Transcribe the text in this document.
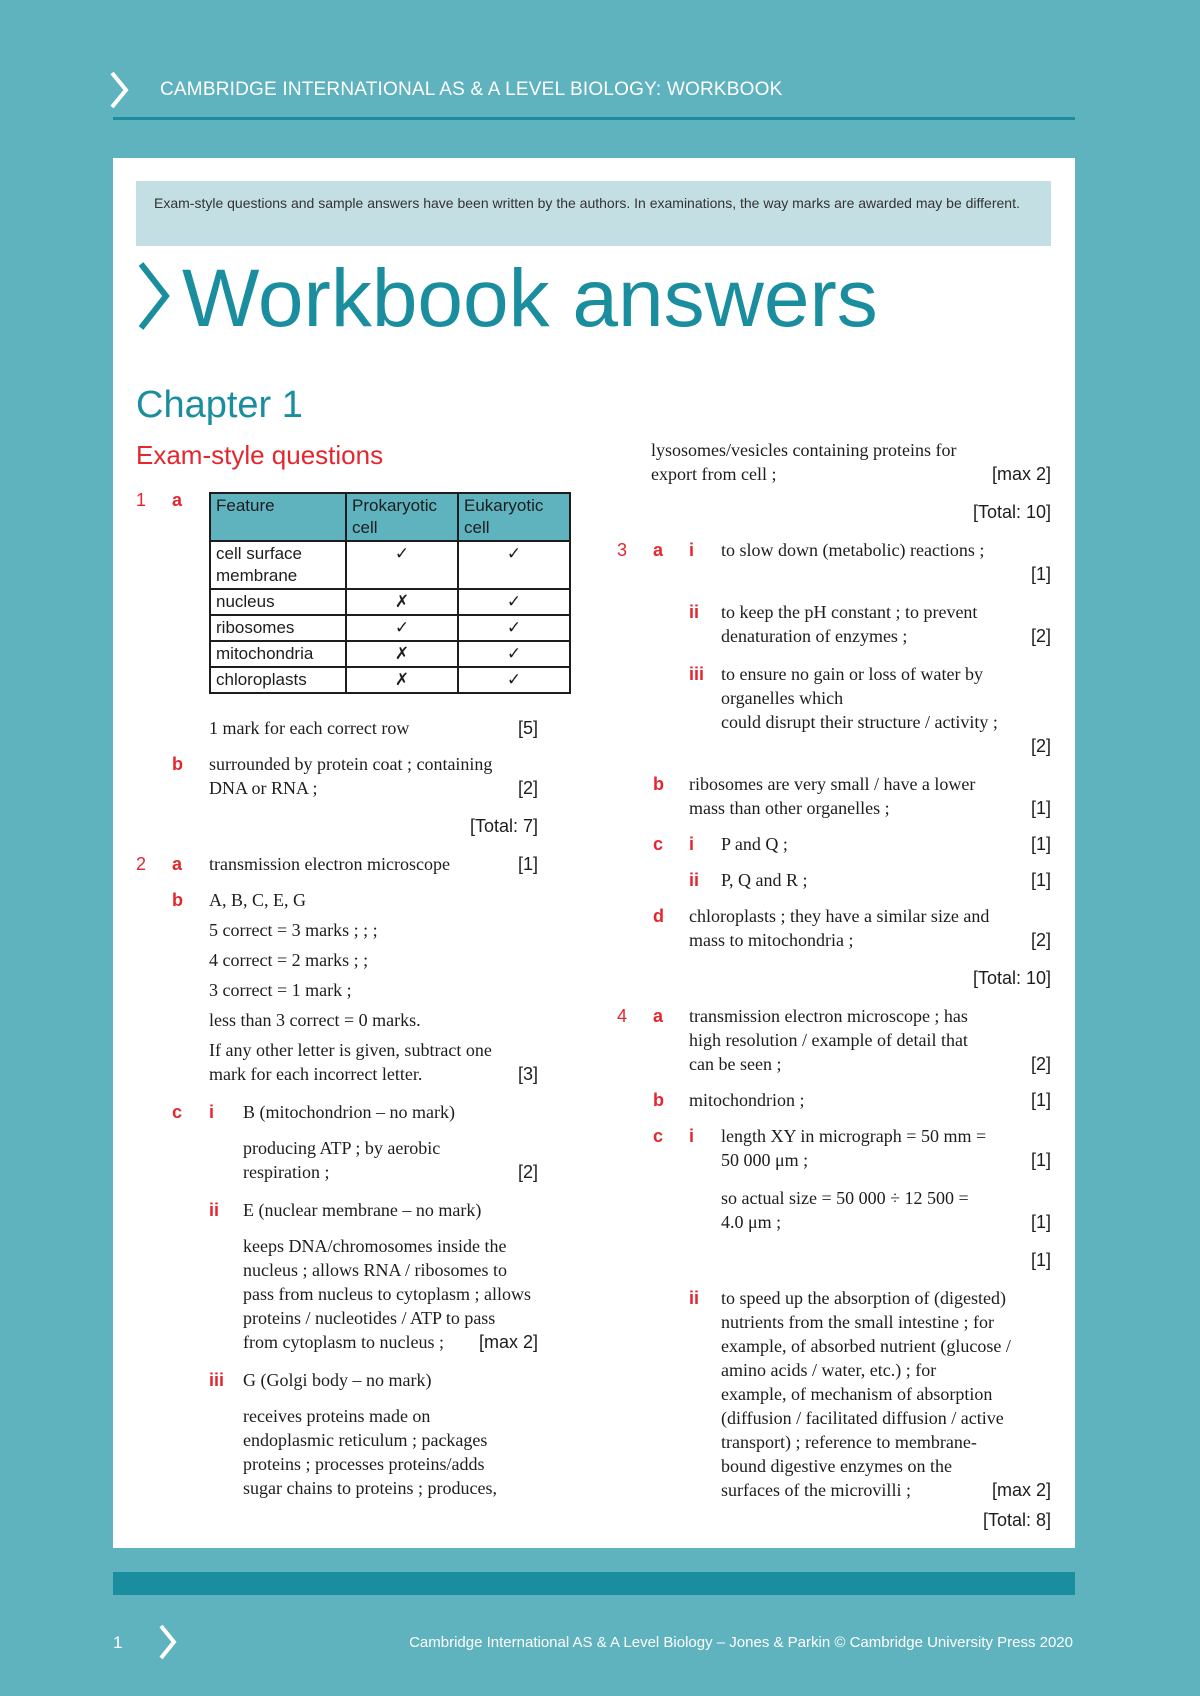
CAMBRIDGE INTERNATIONAL AS & A LEVEL BIOLOGY: WORKBOOK
Exam-style questions and sample answers have been written by the authors. In examinations, the way marks are awarded may be different.
Workbook answers
Chapter 1
Exam-style questions
1 a Feature	Prokaryotic cell	Eukaryotic cell
cell surface membrane	✓	✓
nucleus	✗	✓
ribosomes	✓	✓
mitochondria	✗	✓
chloroplasts	✗	✓
1 mark for each correct row	[5]
b surrounded by protein coat ; containing
DNA or RNA ;	[2]
[Total: 7]
2 a transmission electron microscope	[1]
b A, B, C, E, G
5 correct = 3 marks ; ; ;
4 correct = 2 marks ; ;
3 correct = 1 mark ;
less than 3 correct = 0 marks.
If any other letter is given, subtract one
mark for each incorrect letter.	[3]
c i B (mitochondrion – no mark)
producing ATP ; by aerobic
respiration ;	[2]
ii E (nuclear membrane – no mark)
keeps DNA/chromosomes inside the
nucleus ; allows RNA / ribosomes to
pass from nucleus to cytoplasm ; allows
proteins / nucleotides / ATP to pass
from cytoplasm to nucleus ; [max 2]
iii G (Golgi body – no mark)
receives proteins made on
endoplasmic reticulum ; packages
proteins ; processes proteins/adds
sugar chains to proteins ; produces,
lysosomes/vesicles containing proteins for
export from cell ;	[max 2]
[Total: 10]
3 a i to slow down (metabolic) reactions ;
[1]
ii to keep the pH constant ; to prevent
denaturation of enzymes ;	[2]
iii to ensure no gain or loss of water by
organelles which
could disrupt their structure / activity ;
[2]
b ribosomes are very small / have a lower
mass than other organelles ;	[1]
c i P and Q ;	[1]
ii P, Q and R ;	[1]
d chloroplasts ; they have a similar size and
mass to mitochondria ;	[2]
[Total: 10]
4 a transmission electron microscope ; has
high resolution / example of detail that
can be seen ;	[2]
b mitochondrion ;	[1]
c i length XY in micrograph = 50 mm =
50 000 μm ;	[1]
so actual size = 50 000 ÷ 12 500 =
4.0 μm ;	[1]
[1]
ii to speed up the absorption of (digested)
nutrients from the small intestine ; for
example, of absorbed nutrient (glucose /
amino acids / water, etc.) ; for
example, of mechanism of absorption
(diffusion / facilitated diffusion / active
transport) ; reference to membrane-
bound digestive enzymes on the
surfaces of the microvilli ;	[max 2]
[Total: 8]
1	Cambridge International AS & A Level Biology – Jones & Parkin © Cambridge University Press 2020
